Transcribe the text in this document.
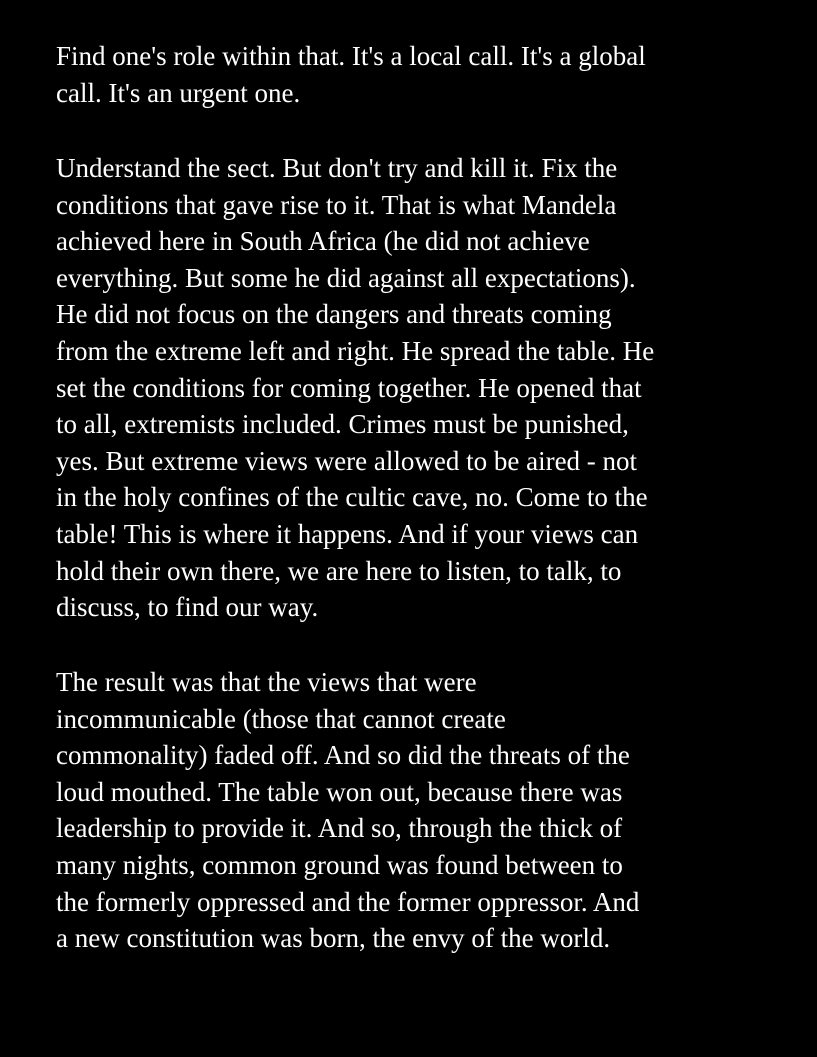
Find one's role within that. It's a local call. It's a global
call. It's an urgent one.
Understand the sect. But don't try and kill it. Fix the
conditions that gave rise to it. That is what Mandela
achieved here in South Africa (he did not achieve
everything. But some he did against all expectations).
He did not focus on the dangers and threats coming
from the extreme left and right. He spread the table. He
set the conditions for coming together. He opened that
to all, extremists included. Crimes must be punished,
yes. But extreme views were allowed to be aired - not
in the holy confines of the cultic cave, no. Come to the
table! This is where it happens. And if your views can
hold their own there, we are here to listen, to talk, to
discuss, to find our way.
The result was that the views that were
incommunicable (those that cannot create
commonality) faded off. And so did the threats of the
loud mouthed. The table won out, because there was
leadership to provide it. And so, through the thick of
many nights, common ground was found between to
the formerly oppressed and the former oppressor. And
a new constitution was born, the envy of the world.
